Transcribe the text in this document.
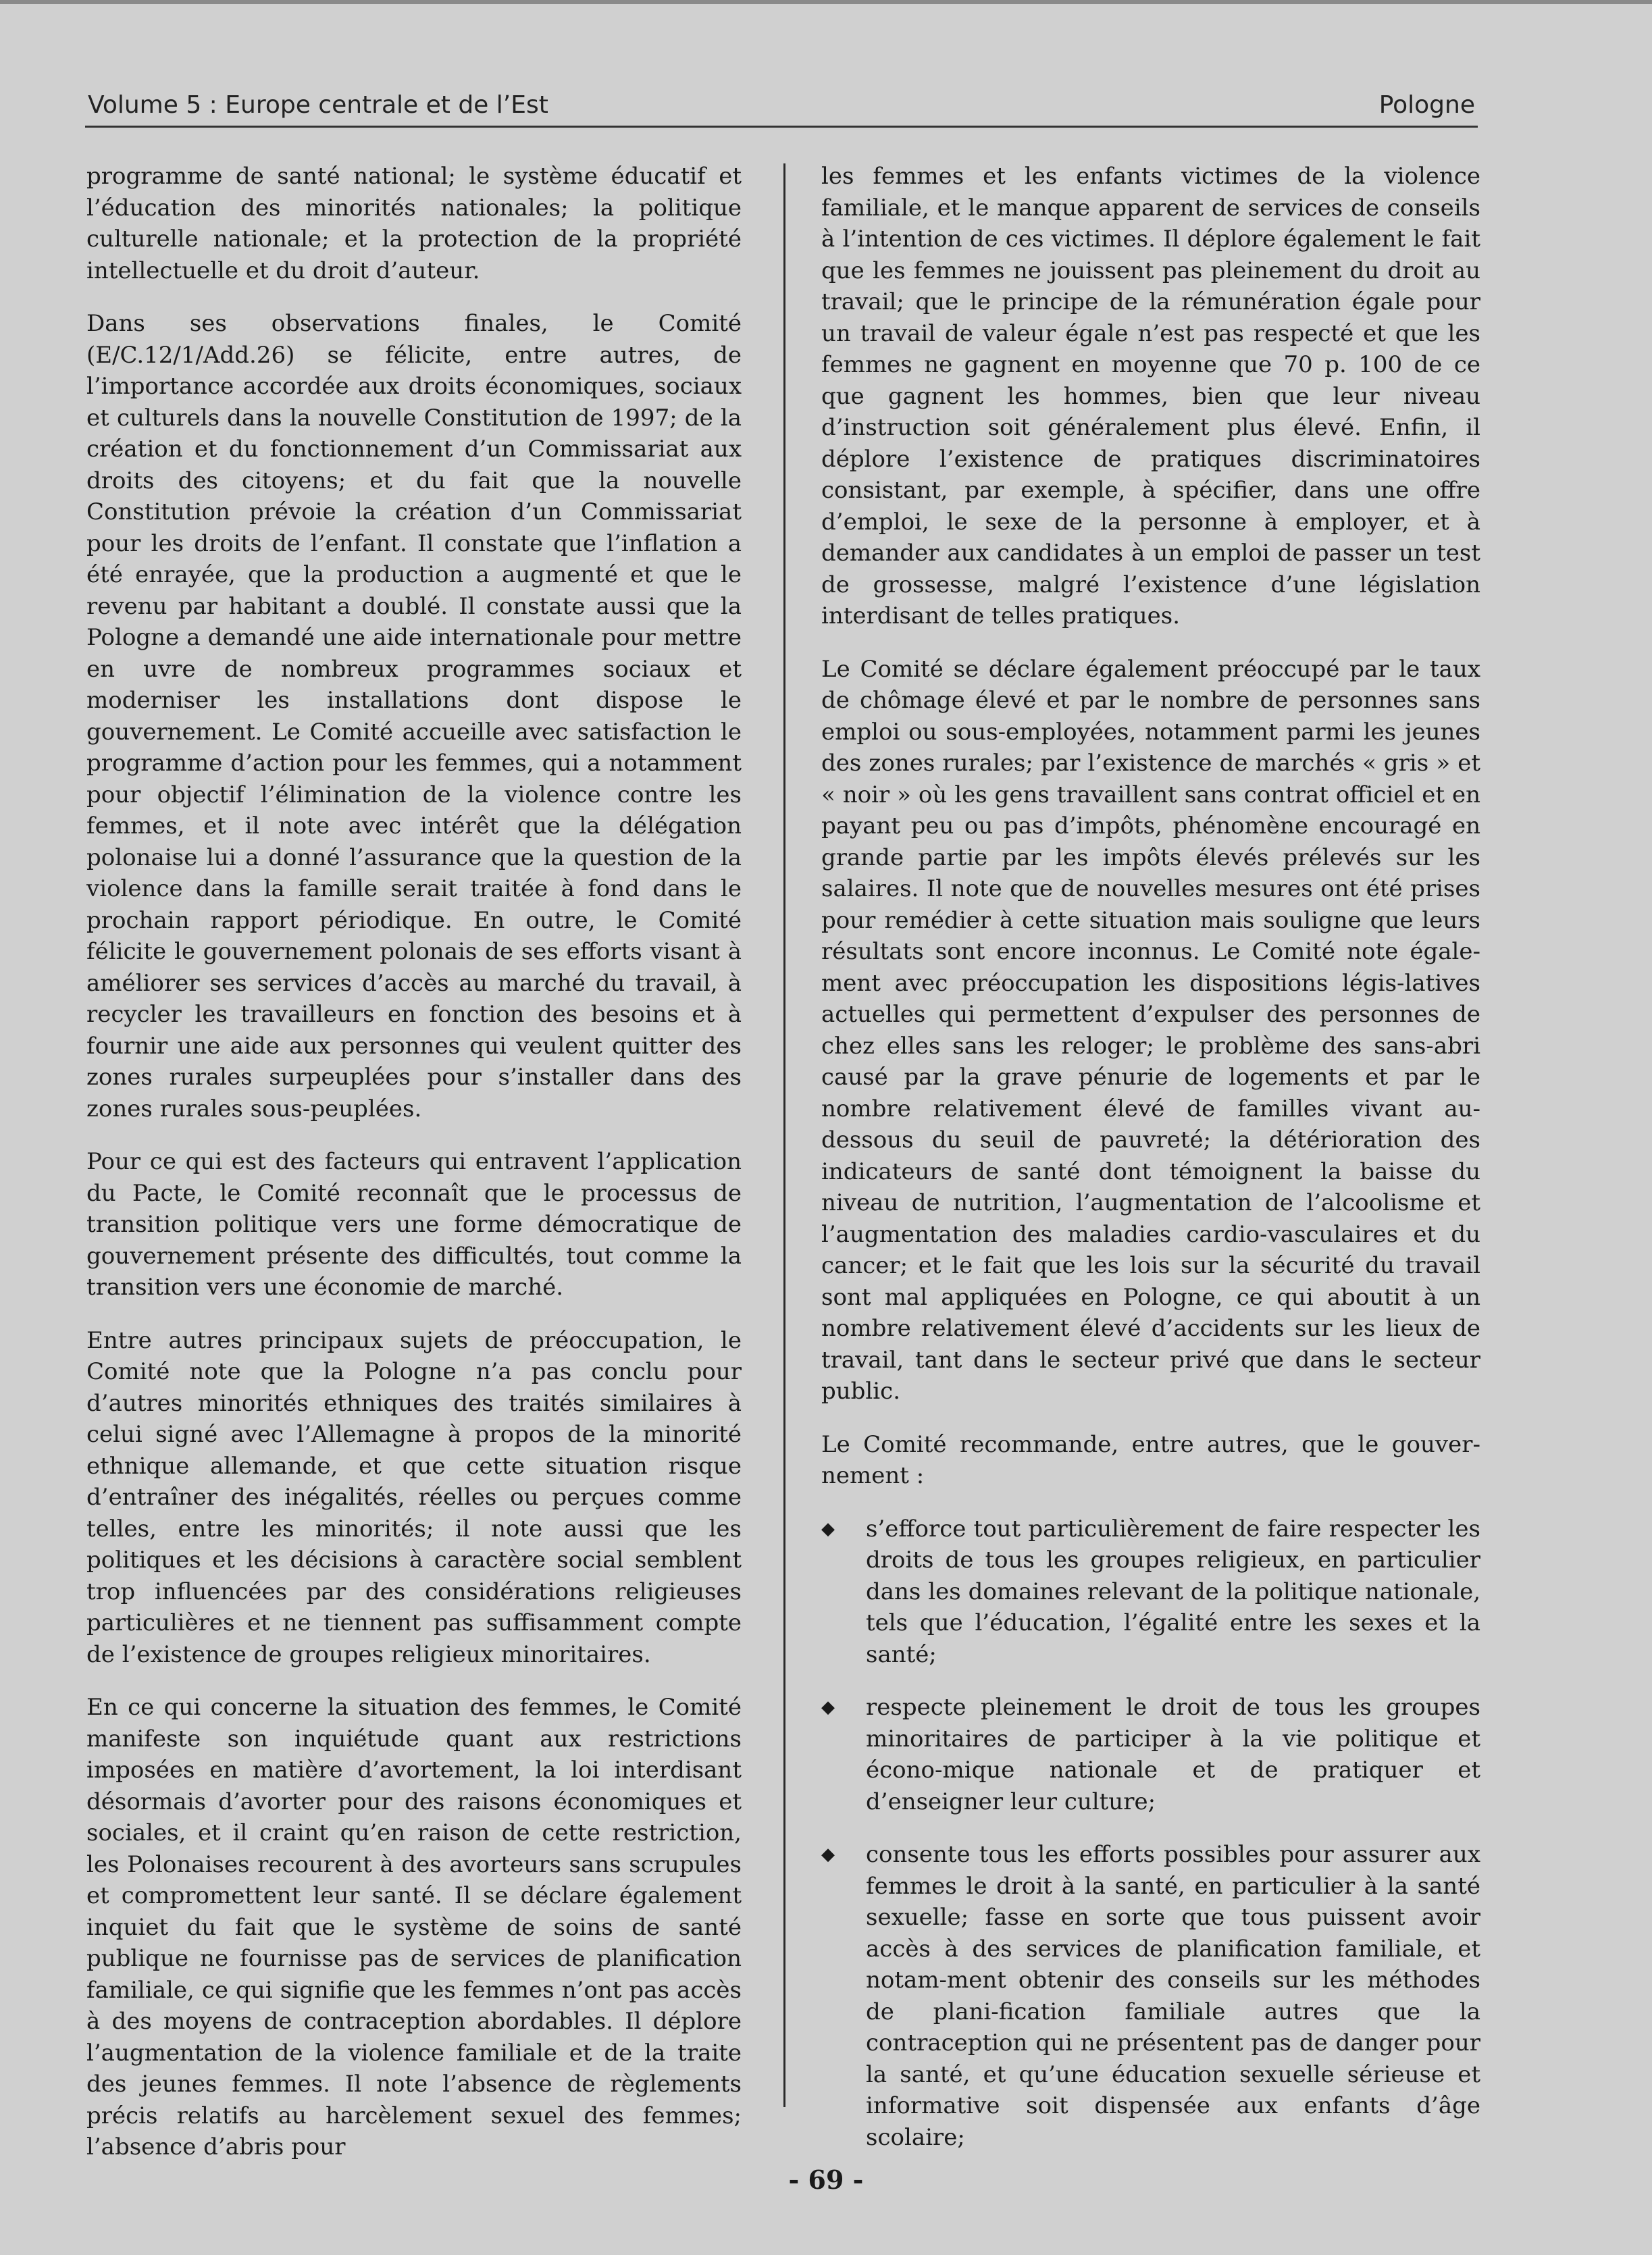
Volume 5 : Europe centrale et de l’Est	Pologne

programme de santé national; le système éducatif et l’éducation des minorités nationales; la politique culturelle nationale; et la protection de la propriété intellectuelle et du droit d’auteur.

Dans ses observations finales, le Comité (E/C.12/1/Add.26) se félicite, entre autres, de l’importance accordée aux droits économiques, sociaux et culturels dans la nouvelle Constitution de 1997; de la création et du fonctionnement d’un Commissariat aux droits des citoyens; et du fait que la nouvelle Constitution prévoie la création d’un Commissariat pour les droits de l’enfant. Il constate que l’inflation a été enrayée, que la production a augmenté et que le revenu par habitant a doublé. Il constate aussi que la Pologne a demandé une aide internationale pour mettre en uvre de nombreux programmes sociaux et moderniser les installations dont dispose le gouvernement. Le Comité accueille avec satisfaction le programme d’action pour les femmes, qui a notamment pour objectif l’élimination de la violence contre les femmes, et il note avec intérêt que la délégation polonaise lui a donné l’assurance que la question de la violence dans la famille serait traitée à fond dans le prochain rapport périodique. En outre, le Comité félicite le gouvernement polonais de ses efforts visant à améliorer ses services d’accès au marché du travail, à recycler les travailleurs en fonction des besoins et à fournir une aide aux personnes qui veulent quitter des zones rurales surpeuplées pour s’installer dans des zones rurales sous-peuplées.

Pour ce qui est des facteurs qui entravent l’application du Pacte, le Comité reconnaît que le processus de transition politique vers une forme démocratique de gouvernement présente des difficultés, tout comme la transition vers une économie de marché.

Entre autres principaux sujets de préoccupation, le Comité note que la Pologne n’a pas conclu pour d’autres minorités ethniques des traités similaires à celui signé avec l’Allemagne à propos de la minorité ethnique allemande, et que cette situation risque d’entraîner des inégalités, réelles ou perçues comme telles, entre les minorités; il note aussi que les politiques et les décisions à caractère social semblent trop influencées par des considérations religieuses particulières et ne tiennent pas suffisamment compte de l’existence de groupes religieux minoritaires.

En ce qui concerne la situation des femmes, le Comité manifeste son inquiétude quant aux restrictions imposées en matière d’avortement, la loi interdisant désormais d’avorter pour des raisons économiques et sociales, et il craint qu’en raison de cette restriction, les Polonaises recourent à des avorteurs sans scrupules et compromettent leur santé. Il se déclare également inquiet du fait que le système de soins de santé publique ne fournisse pas de services de planification familiale, ce qui signifie que les femmes n’ont pas accès à des moyens de contraception abordables. Il déplore l’augmentation de la violence familiale et de la traite des jeunes femmes. Il note l’absence de règlements précis relatifs au harcèlement sexuel des femmes; l’absence d’abris pour

les femmes et les enfants victimes de la violence familiale, et le manque apparent de services de conseils à l’intention de ces victimes. Il déplore également le fait que les femmes ne jouissent pas pleinement du droit au travail; que le principe de la rémunération égale pour un travail de valeur égale n’est pas respecté et que les femmes ne gagnent en moyenne que 70 p. 100 de ce que gagnent les hommes, bien que leur niveau d’instruction soit généralement plus élevé. Enfin, il déplore l’existence de pratiques discriminatoires consistant, par exemple, à spécifier, dans une offre d’emploi, le sexe de la personne à employer, et à demander aux candidates à un emploi de passer un test de grossesse, malgré l’existence d’une législation interdisant de telles pratiques.

Le Comité se déclare également préoccupé par le taux de chômage élevé et par le nombre de personnes sans emploi ou sous-employées, notamment parmi les jeunes des zones rurales; par l’existence de marchés « gris » et « noir » où les gens travaillent sans contrat officiel et en payant peu ou pas d’impôts, phénomène encouragé en grande partie par les impôts élevés prélevés sur les salaires. Il note que de nouvelles mesures ont été prises pour remédier à cette situation mais souligne que leurs résultats sont encore inconnus. Le Comité note égale-ment avec préoccupation les dispositions légis-latives actuelles qui permettent d’expulser des personnes de chez elles sans les reloger; le problème des sans-abri causé par la grave pénurie de logements et par le nombre relativement élevé de familles vivant au-dessous du seuil de pauvreté; la détérioration des indicateurs de santé dont témoignent la baisse du niveau de nutrition, l’augmentation de l’alcoolisme et l’augmentation des maladies cardio-vasculaires et du cancer; et le fait que les lois sur la sécurité du travail sont mal appliquées en Pologne, ce qui aboutit à un nombre relativement élevé d’accidents sur les lieux de travail, tant dans le secteur privé que dans le secteur public.

Le Comité recommande, entre autres, que le gouver-nement :

◆ s’efforce tout particulièrement de faire respecter les droits de tous les groupes religieux, en particulier dans les domaines relevant de la politique nationale, tels que l’éducation, l’égalité entre les sexes et la santé;
◆ respecte pleinement le droit de tous les groupes minoritaires de participer à la vie politique et écono-mique nationale et de pratiquer et d’enseigner leur culture;
◆ consente tous les efforts possibles pour assurer aux femmes le droit à la santé, en particulier à la santé sexuelle; fasse en sorte que tous puissent avoir accès à des services de planification familiale, et notam-ment obtenir des conseils sur les méthodes de plani-fication familiale autres que la contraception qui ne présentent pas de danger pour la santé, et qu’une éducation sexuelle sérieuse et informative soit dispensée aux enfants d’âge scolaire;
- 69 -
